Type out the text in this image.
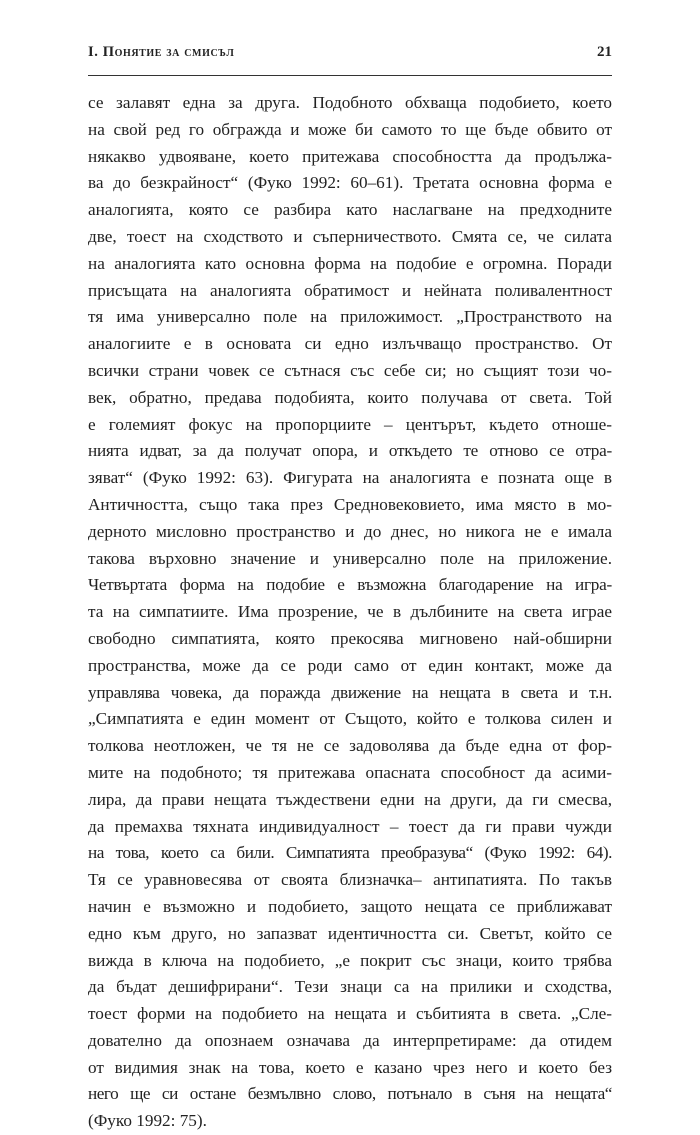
I. Понятие за смисъл	21
се залавят една за друга. Подобното обхваща подобието, което
на свой ред го обгражда и може би самото то ще бъде обвито от
някакво удвояване, което притежава способността да продължа-
ва до безкрайност“ (Фуко 1992: 60–61). Третата основна форма е
аналогията, която се разбира като наслагване на предходните
две, тоест на сходството и съперничеството. Смята се, че силата
на аналогията като основна форма на подобие е огромна. Поради
присъщата на аналогията обратимост и нейната поливалентност
тя има универсално поле на приложимост. „Пространството на
аналогиите е в основата си едно излъчващо пространство. От
всички страни човек се сътнася със себе си; но същият този чо-
век, обратно, предава подобията, които получава от света. Той
е големият фокус на пропорциите – центърът, където отноше-
нията идват, за да получат опора, и откъдето те отново се отра-
зяват“ (Фуко 1992: 63). Фигурата на аналогията е позната още в
Античността, също така през Средновековието, има място в мо-
дерното мисловно пространство и до днес, но никога не е имала
такова върховно значение и универсално поле на приложение.
Четвъртата форма на подобие е възможна благодарение на игра-
та на симпатиите. Има прозрение, че в дълбините на света играе
свободно симпатията, която прекосява мигновено най-обширни
пространства, може да се роди само от един контакт, може да
управлява човека, да поражда движение на нещата в света и т.н.
„Симпатията е един момент от Същото, който е толкова силен и
толкова неотложен, че тя не се задоволява да бъде една от фор-
мите на подобното; тя притежава опасната способност да асими-
лира, да прави нещата тъждествени едни на други, да ги смесва,
да премахва тяхната индивидуалност – тоест да ги прави чужди
на това, което са били. Симпатията преобразува“ (Фуко 1992: 64).
Тя се уравновесява от своята близначка– антипатията. По такъв
начин е възможно и подобието, защото нещата се приближават
едно към друго, но запазват идентичността си. Светът, който се
вижда в ключа на подобието, „е покрит със знаци, които трябва
да бъдат дешифрирани“. Тези знаци са на прилики и сходства,
тоест форми на подобието на нещата и събитията в света. „Сле-
дователно да опознаем означава да интерпретираме: да отидем
от видимия знак на това, което е казано чрез него и което без
него ще си остане безмълвно слово, потънало в съня на нещата“
(Фуко 1992: 75).
